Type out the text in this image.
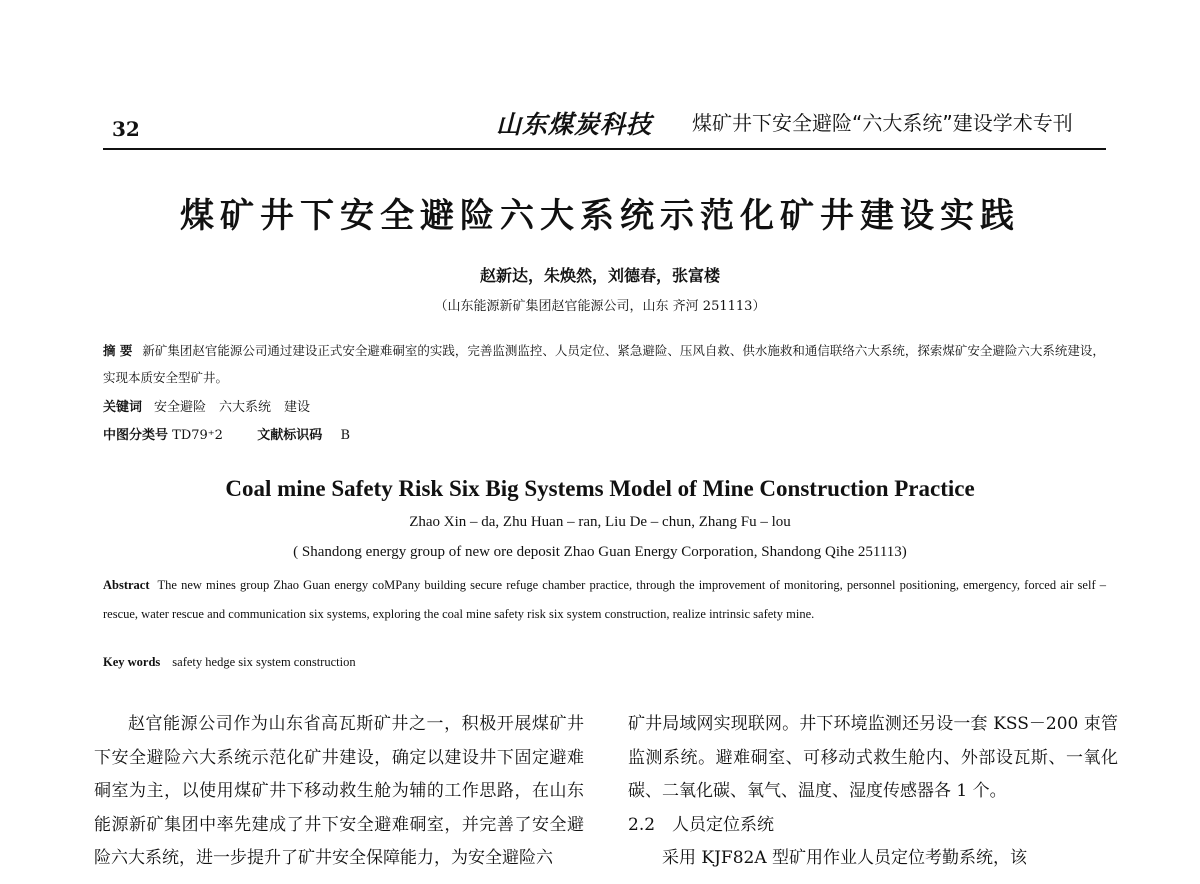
32	山东煤炭科技 煤矿井下安全避险“六大系统”建设学术专刊
煤矿井下安全避险六大系统示范化矿井建设实践
赵新达，朱焕然，刘德春，张富楼
（山东能源新矿集团赵官能源公司，山东 齐河 251113）
摘 要 新矿集团赵官能源公司通过建设正式安全避难硐室的实践，完善监测监控、人员定位、紧急避险、压风自救、供水施救和通信联络六大系统，探索煤矿安全避险六大系统建设，实现本质安全型矿井。
关键词 安全避险　六大系统　建设
中图分类号 TD79⁺2	文献标识码 B
Coal mine Safety Risk Six Big Systems Model of Mine Construction Practice
Zhao Xin – da, Zhu Huan – ran, Liu De – chun, Zhang Fu – lou
( Shandong energy group of new ore deposit Zhao Guan Energy Corporation, Shandong Qihe 251113)
Abstract The new mines group Zhao Guan energy coMPany building secure refuge chamber practice, through the improvement of monitoring, personnel positioning, emergency, forced air self – rescue, water rescue and communication six systems, exploring the coal mine safety risk six system construction, realize intrinsic safety mine.
Key words safety hedge six system construction

赵官能源公司作为山东省高瓦斯矿井之一，积极开展煤矿井下安全避险六大系统示范化矿井建设，确定以建设井下固定避难硐室为主，以使用煤矿井下移动救生舱为辅的工作思路，在山东能源新矿集团中率先建成了井下安全避难硐室，并完善了安全避险六大系统，进一步提升了矿井安全保障能力，为安全避险六

矿井局域网实现联网。井下环境监测还另设一套 KSS－200 束管监测系统。避难硐室、可移动式救生舱内、外部设瓦斯、一氧化碳、二氧化碳、氧气、温度、湿度传感器各 1 个。

2.2　人员定位系统

采用 KJF82A 型矿用作业人员定位考勤系统，该
